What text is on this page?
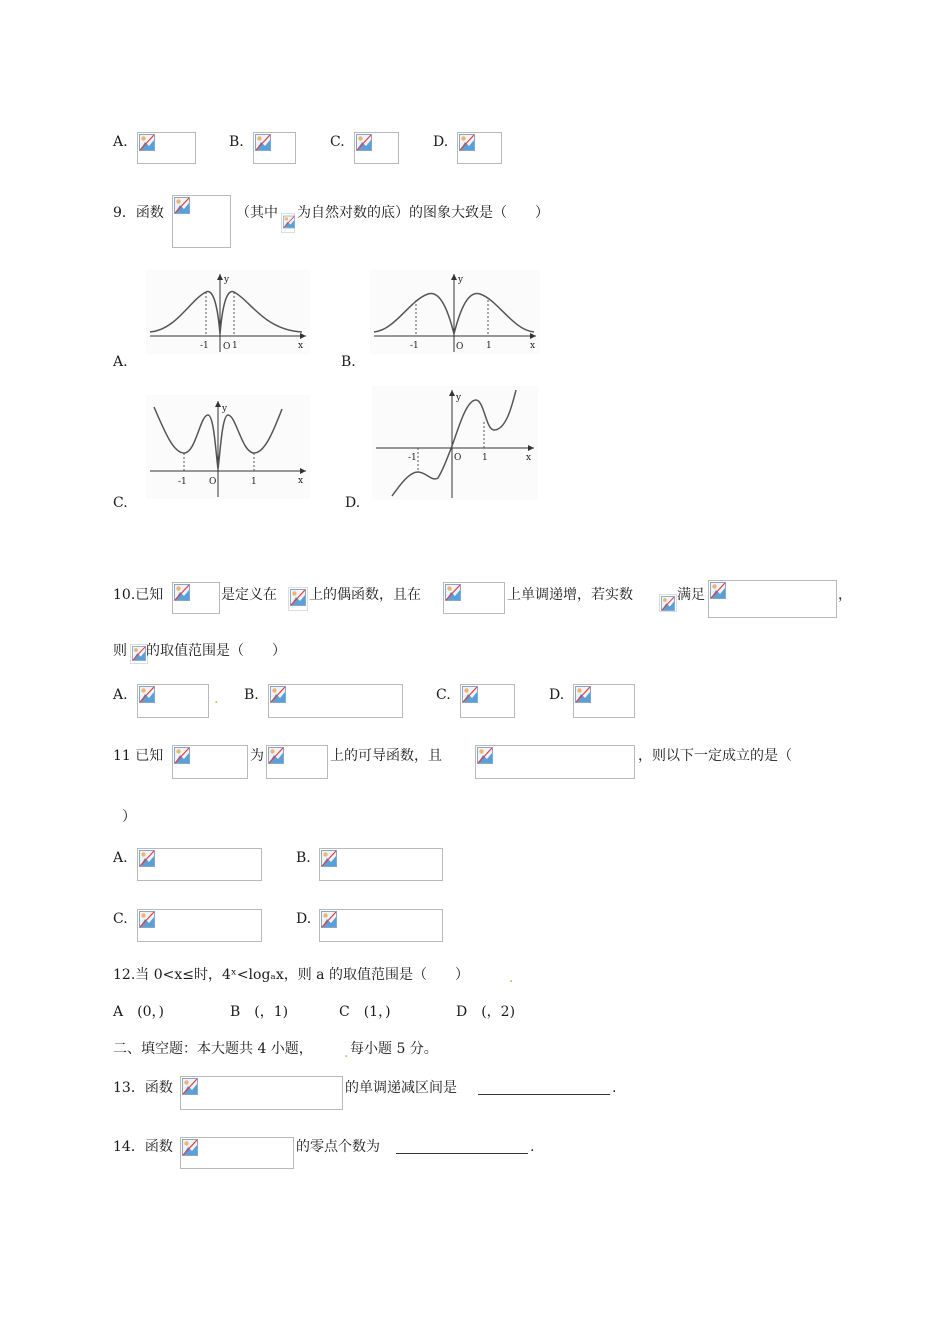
A.	B.	C.	D.
9．函数	（其中 为自然对数的底）的图象大致是（　　）
A.
y
x
-1 O 1
B.
y
x
-1	O	1
C.
y
x
-1 O	1
D.
y
x
-1	O 1
10.已知	是定义在 上的偶函数，且在	上单调递增，若实数	满足	，
则 的取值范围是（　　）
A.	. B.	C.	D.
11 已知	为	上的可导函数，且	，则以下一定成立的是（
）
A.	B.
C.	D.
12.当 0<x≤时，4ˣ<logₐx，则 a 的取值范围是（　　）	.
A　(0，)	B　(，1)	C　(1，)	D　(，2)
二、填空题：本大题共 4 小题， . 每小题 5 分。
13．函数	的单调递减区间是	.
14．函数	的零点个数为	.
